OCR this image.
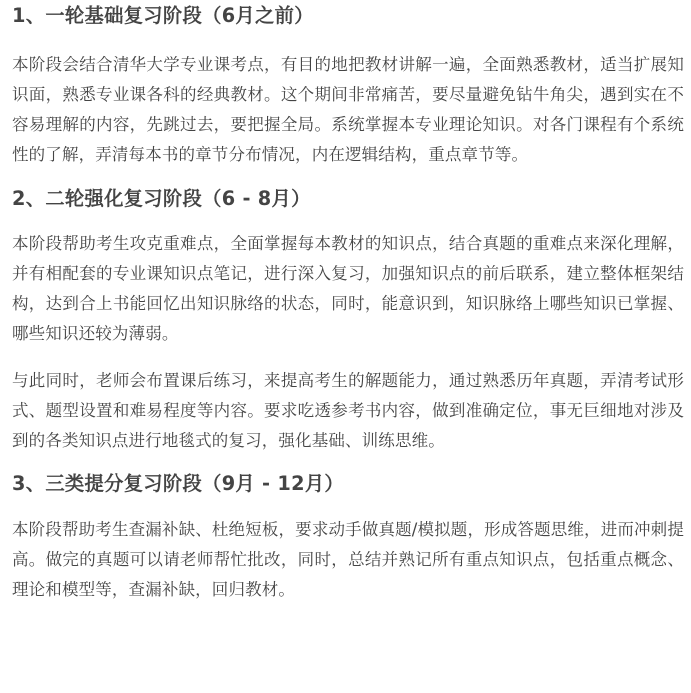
1、一轮基础复习阶段（6月之前）

本阶段会结合清华大学专业课考点，有目的地把教材讲解一遍，全面熟悉教材，适当扩展知识面，熟悉专业课各科的经典教材。这个期间非常痛苦，要尽量避免钻牛角尖，遇到实在不容易理解的内容，先跳过去，要把握全局。系统掌握本专业理论知识。对各门课程有个系统性的了解，弄清每本书的章节分布情况，内在逻辑结构，重点章节等。

2、二轮强化复习阶段（6 - 8月）

本阶段帮助考生攻克重难点，全面掌握每本教材的知识点，结合真题的重难点来深化理解，并有相配套的专业课知识点笔记，进行深入复习，加强知识点的前后联系，建立整体框架结构，达到合上书能回忆出知识脉络的状态，同时，能意识到，知识脉络上哪些知识已掌握、哪些知识还较为薄弱。

与此同时，老师会布置课后练习，来提高考生的解题能力，通过熟悉历年真题，弄清考试形式、题型设置和难易程度等内容。要求吃透参考书内容，做到准确定位，事无巨细地对涉及到的各类知识点进行地毯式的复习，强化基础、训练思维。

3、三类提分复习阶段（9月 - 12月）

本阶段帮助考生查漏补缺、杜绝短板，要求动手做真题/模拟题，形成答题思维，进而冲刺提高。做完的真题可以请老师帮忙批改，同时，总结并熟记所有重点知识点，包括重点概念、理论和模型等，查漏补缺，回归教材。
